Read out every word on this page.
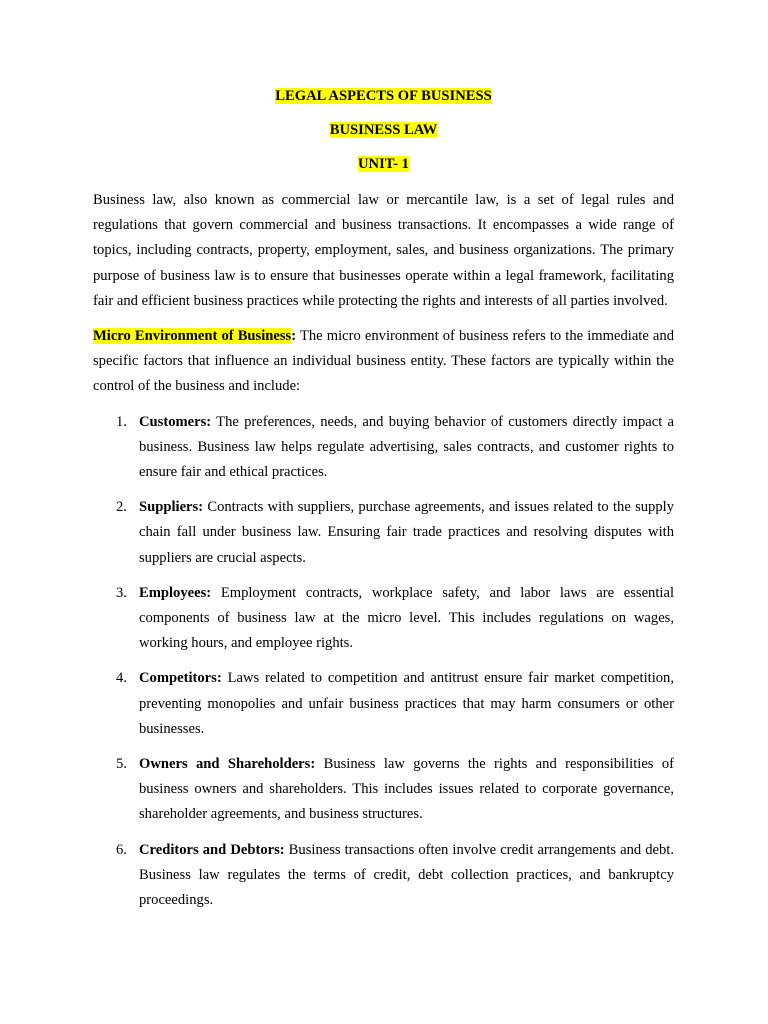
LEGAL ASPECTS OF BUSINESS
BUSINESS LAW
UNIT- 1

Business law, also known as commercial law or mercantile law, is a set of legal rules and regulations that govern commercial and business transactions. It encompasses a wide range of topics, including contracts, property, employment, sales, and business organizations. The primary purpose of business law is to ensure that businesses operate within a legal framework, facilitating fair and efficient business practices while protecting the rights and interests of all parties involved.

Micro Environment of Business: The micro environment of business refers to the immediate and specific factors that influence an individual business entity. These factors are typically within the control of the business and include:

1. Customers: The preferences, needs, and buying behavior of customers directly impact a business. Business law helps regulate advertising, sales contracts, and customer rights to ensure fair and ethical practices.
2. Suppliers: Contracts with suppliers, purchase agreements, and issues related to the supply chain fall under business law. Ensuring fair trade practices and resolving disputes with suppliers are crucial aspects.
3. Employees: Employment contracts, workplace safety, and labor laws are essential components of business law at the micro level. This includes regulations on wages, working hours, and employee rights.
4. Competitors: Laws related to competition and antitrust ensure fair market competition, preventing monopolies and unfair business practices that may harm consumers or other businesses.
5. Owners and Shareholders: Business law governs the rights and responsibilities of business owners and shareholders. This includes issues related to corporate governance, shareholder agreements, and business structures.
6. Creditors and Debtors: Business transactions often involve credit arrangements and debt. Business law regulates the terms of credit, debt collection practices, and bankruptcy proceedings.
